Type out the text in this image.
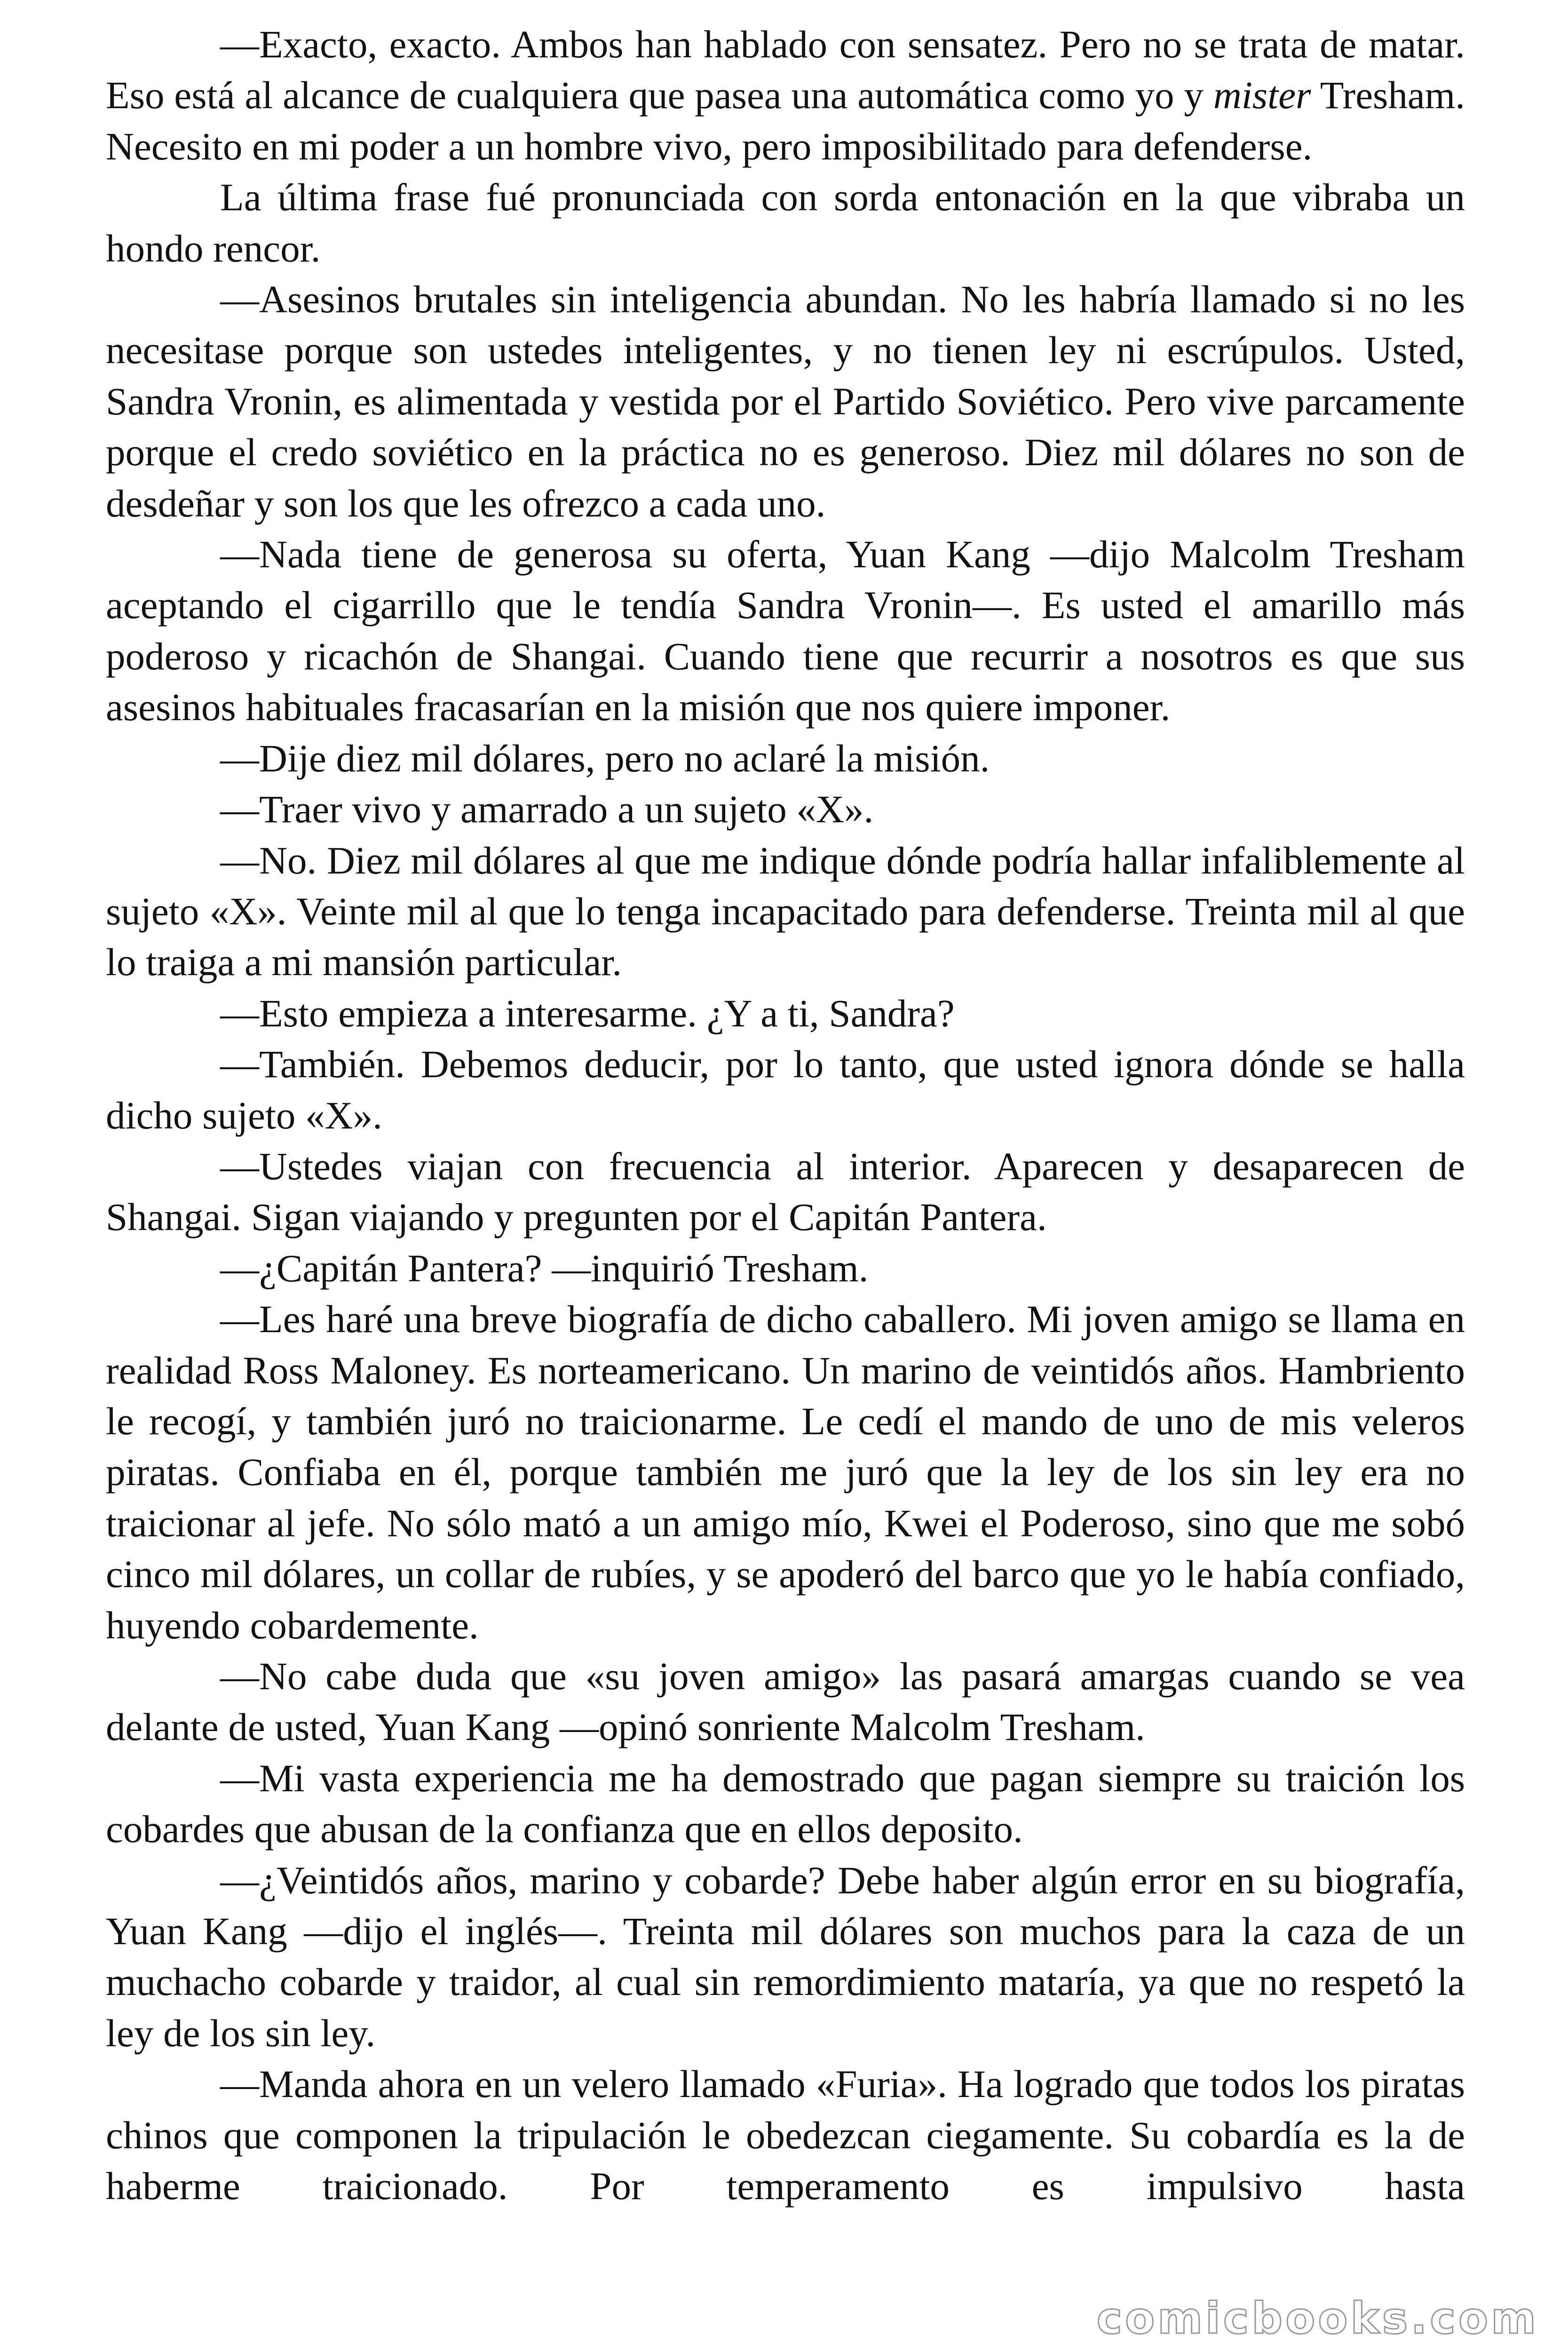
—Exacto, exacto. Ambos han hablado con sensatez. Pero no se trata de matar. Eso está al alcance de cualquiera que pasea una automática como yo y mister Tresham. Necesito en mi poder a un hombre vivo, pero imposibilitado para defenderse.

La última frase fué pronunciada con sorda entonación en la que vibraba un hondo rencor.

—Asesinos brutales sin inteligencia abundan. No les habría llamado si no les necesitase porque son ustedes inteligentes, y no tienen ley ni escrúpulos. Usted, Sandra Vronin, es alimentada y vestida por el Partido Soviético. Pero vive parcamente porque el credo soviético en la práctica no es generoso. Diez mil dólares no son de desdeñar y son los que les ofrezco a cada uno.

—Nada tiene de generosa su oferta, Yuan Kang —dijo Malcolm Tresham aceptando el cigarrillo que le tendía Sandra Vronin—. Es usted el amarillo más poderoso y ricachón de Shangai. Cuando tiene que recurrir a nosotros es que sus asesinos habituales fracasarían en la misión que nos quiere imponer.

—Dije diez mil dólares, pero no aclaré la misión.

—Traer vivo y amarrado a un sujeto «X».

—No. Diez mil dólares al que me indique dónde podría hallar infaliblemente al sujeto «X». Veinte mil al que lo tenga incapacitado para defenderse. Treinta mil al que lo traiga a mi mansión particular.

—Esto empieza a interesarme. ¿Y a ti, Sandra?

—También. Debemos deducir, por lo tanto, que usted ignora dónde se halla dicho sujeto «X».

—Ustedes viajan con frecuencia al interior. Aparecen y desaparecen de Shangai. Sigan viajando y pregunten por el Capitán Pantera.

—¿Capitán Pantera? —inquirió Tresham.

—Les haré una breve biografía de dicho caballero. Mi joven amigo se llama en realidad Ross Maloney. Es norteamericano. Un marino de veintidós años. Hambriento le recogí, y también juró no traicionarme. Le cedí el mando de uno de mis veleros piratas. Confiaba en él, porque también me juró que la ley de los sin ley era no traicionar al jefe. No sólo mató a un amigo mío, Kwei el Poderoso, sino que me sobó cinco mil dólares, un collar de rubíes, y se apoderó del barco que yo le había confiado, huyendo cobardemente.

—No cabe duda que «su joven amigo» las pasará amargas cuando se vea delante de usted, Yuan Kang —opinó sonriente Malcolm Tresham.

—Mi vasta experiencia me ha demostrado que pagan siempre su traición los cobardes que abusan de la confianza que en ellos deposito.

—¿Veintidós años, marino y cobarde? Debe haber algún error en su biografía, Yuan Kang —dijo el inglés—. Treinta mil dólares son muchos para la caza de un muchacho cobarde y traidor, al cual sin remordimiento mataría, ya que no respetó la ley de los sin ley.

—Manda ahora en un velero llamado «Furia». Ha logrado que todos los piratas chinos que componen la tripulación le obedezcan ciegamente. Su cobardía es la de haberme traicionado. Por temperamento es impulsivo hasta

comicbooks.com
